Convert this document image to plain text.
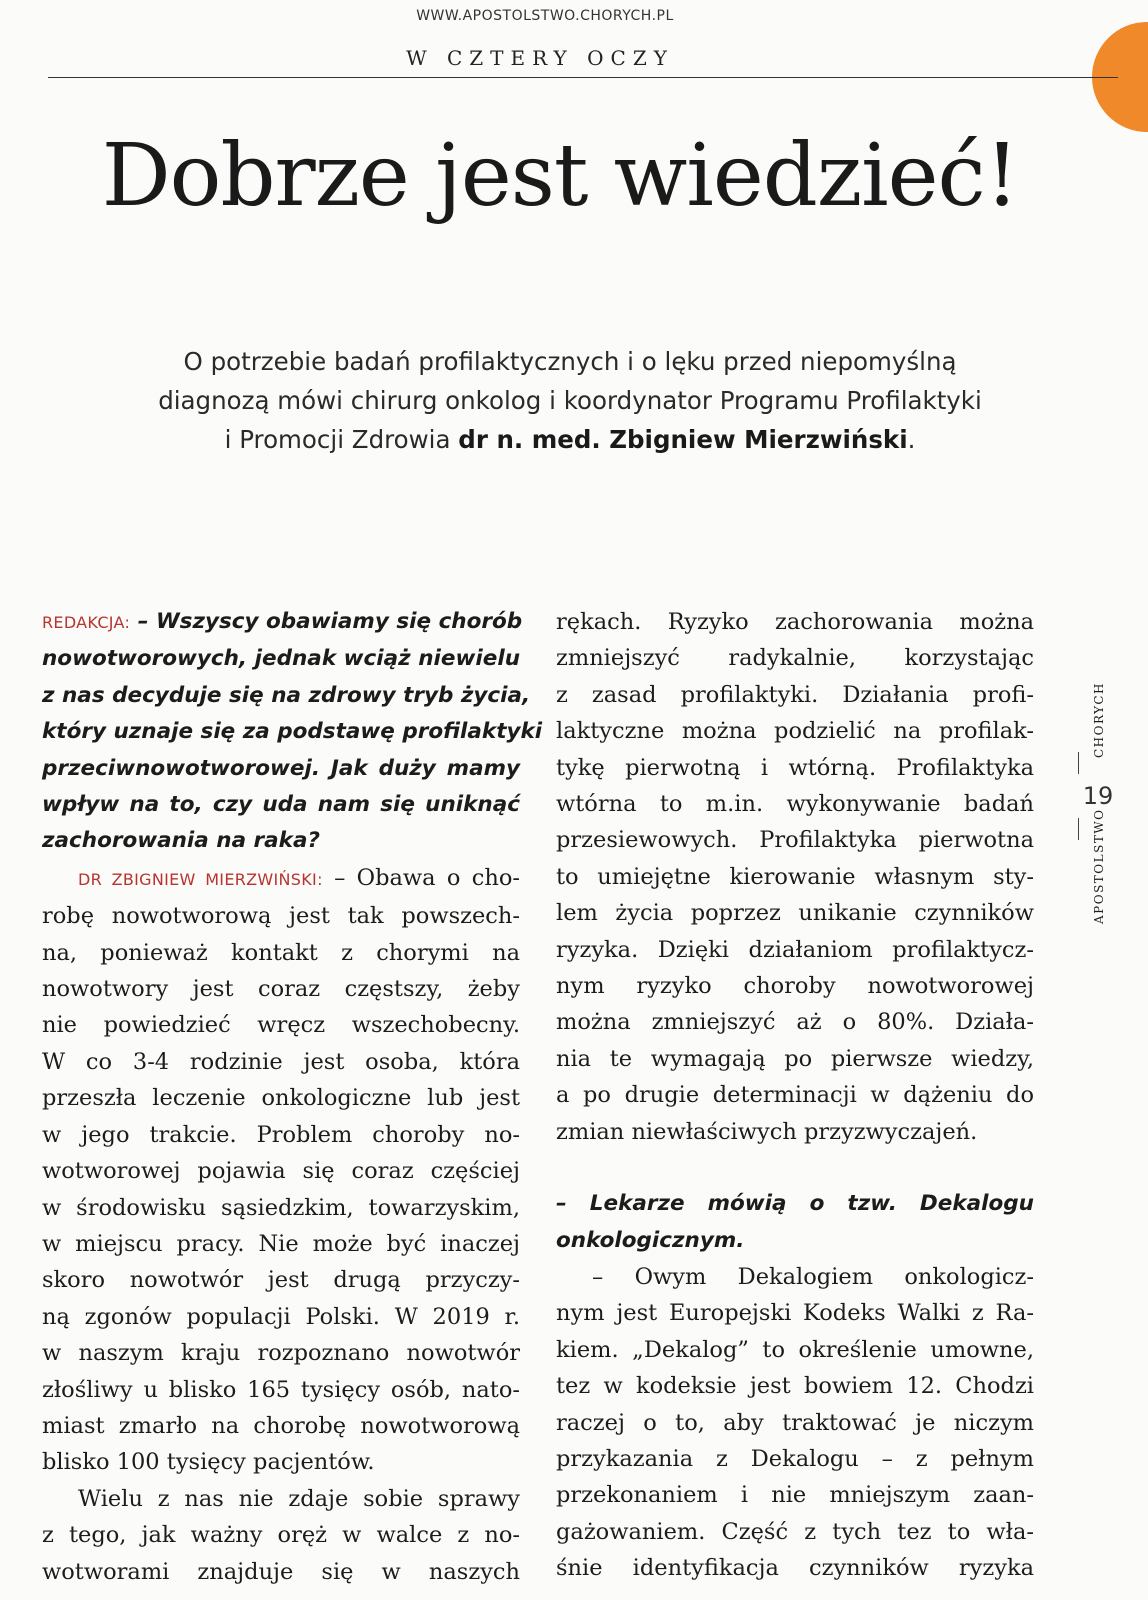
WWW.APOSTOLSTWO.CHORYCH.PL
W CZTERY OCZY
Dobrze jest wiedzieć!
O potrzebie badań profilaktycznych i o lęku przed niepomyślną
diagnozą mówi chirurg onkolog i koordynator Programu Profilaktyki
i Promocji Zdrowia dr n. med. Zbigniew Mierzwiński.
REDAKCJA: – Wszyscy obawiamy się chorób
nowotworowych, jednak wciąż niewielu
z nas decyduje się na zdrowy tryb życia,
który uznaje się za podstawę profilaktyki
przeciwnowotworowej. Jak duży mamy
wpływ na to, czy uda nam się uniknąć
zachorowania na raka?
DR ZBIGNIEW MIERZWIŃSKI: – Obawa o cho-
robę nowotworową jest tak powszech-
na, ponieważ kontakt z chorymi na
nowotwory jest coraz częstszy, żeby
nie powiedzieć wręcz wszechobecny.
W co 3-4 rodzinie jest osoba, która
przeszła leczenie onkologiczne lub jest
w jego trakcie. Problem choroby no-
wotworowej pojawia się coraz częściej
w środowisku sąsiedzkim, towarzyskim,
w miejscu pracy. Nie może być inaczej
skoro nowotwór jest drugą przyczy-
ną zgonów populacji Polski. W 2019 r.
w naszym kraju rozpoznano nowotwór
złośliwy u blisko 165 tysięcy osób, nato-
miast zmarło na chorobę nowotworową
blisko 100 tysięcy pacjentów.
Wielu z nas nie zdaje sobie sprawy
z tego, jak ważny oręż w walce z no-
wotworami znajduje się w naszych
rękach. Ryzyko zachorowania można
zmniejszyć radykalnie, korzystając
z zasad profilaktyki. Działania profi-
laktyczne można podzielić na profilak-
tykę pierwotną i wtórną. Profilaktyka
wtórna to m.in. wykonywanie badań
przesiewowych. Profilaktyka pierwotna
to umiejętne kierowanie własnym sty-
lem życia poprzez unikanie czynników
ryzyka. Dzięki działaniom profilaktycz-
nym ryzyko choroby nowotworowej
można zmniejszyć aż o 80%. Działa-
nia te wymagają po pierwsze wiedzy,
a po drugie determinacji w dążeniu do
zmian niewłaściwych przyzwyczajeń.
– Lekarze mówią o tzw. Dekalogu
onkologicznym.
– Owym Dekalogiem onkologicz-
nym jest Europejski Kodeks Walki z Ra-
kiem. „Dekalog” to określenie umowne,
tez w kodeksie jest bowiem 12. Chodzi
raczej o to, aby traktować je niczym
przykazania z Dekalogu – z pełnym
przekonaniem i nie mniejszym zaan-
gażowaniem. Część z tych tez to wła-
śnie identyfikacja czynników ryzyka
CHORYCH
19
APOSTOLSTWO
